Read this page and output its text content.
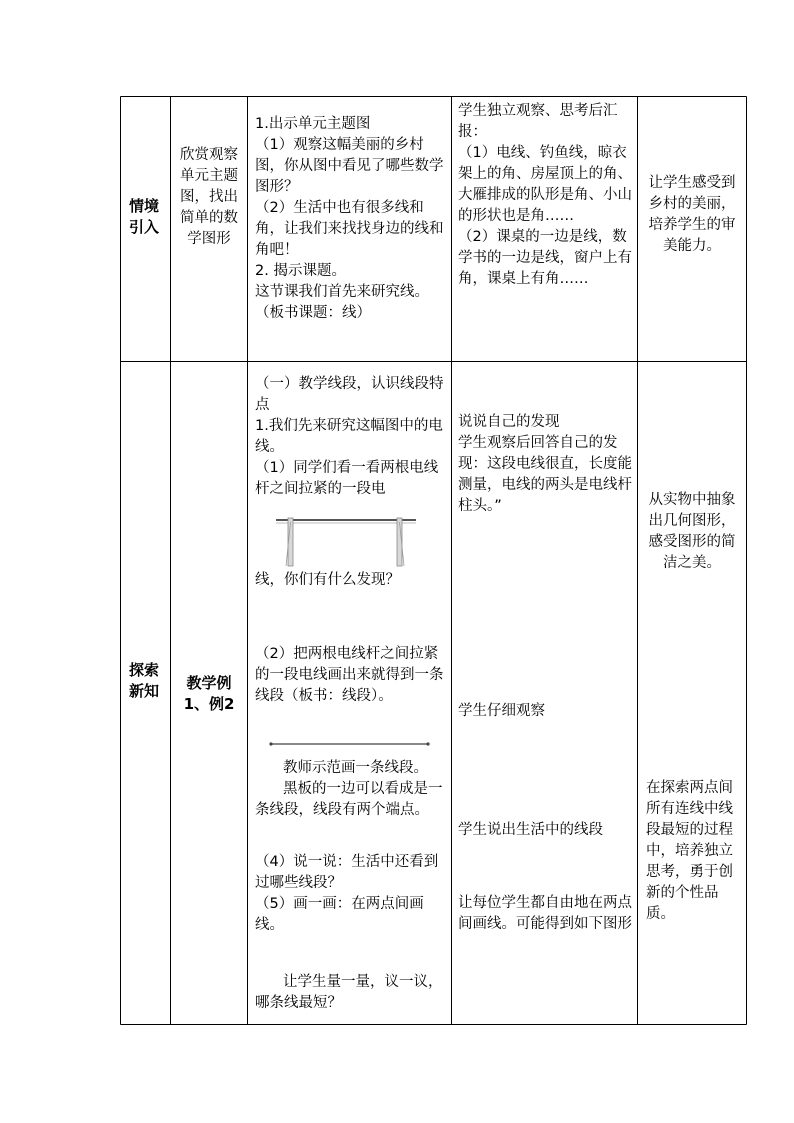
情境引入
欣赏观察单元主题图，找出简单的数学图形
1.出示单元主题图
（1）观察这幅美丽的乡村图，你从图中看见了哪些数学图形？
（2）生活中也有很多线和角，让我们来找找身边的线和角吧！
2. 揭示课题。
这节课我们首先来研究线。（板书课题：线）
学生独立观察、思考后汇报：
（1）电线、钓鱼线，晾衣架上的角、房屋顶上的角、大雁排成的队形是角、小山的形状也是角……
（2）课桌的一边是线，数学书的一边是线，窗户上有角，课桌上有角……
让学生感受到乡村的美丽，培养学生的审美能力。
探索新知	教学例1、例2
（一）教学线段，认识线段特点
1.我们先来研究这幅图中的电线。
（1）同学们看一看两根电线杆之间拉紧的一段电
线，你们有什么发现？
（2）把两根电线杆之间拉紧的一段电线画出来就得到一条线段（板书：线段）。
教师示范画一条线段。
黑板的一边可以看成是一条线段，线段有两个端点。
（4）说一说：生活中还看到过哪些线段？
（5）画一画：在两点间画线。
让学生量一量，议一议，哪条线最短？
说说自己的发现
学生观察后回答自己的发现：这段电线很直，长度能测量，电线的两头是电线杆柱头。”
学生仔细观察
学生说出生活中的线段
让每位学生都自由地在两点间画线。可能得到如下图形
从实物中抽象出几何图形，感受图形的简洁之美。
在探索两点间所有连线中线段最短的过程中，培养独立思考，勇于创新的个性品质。
